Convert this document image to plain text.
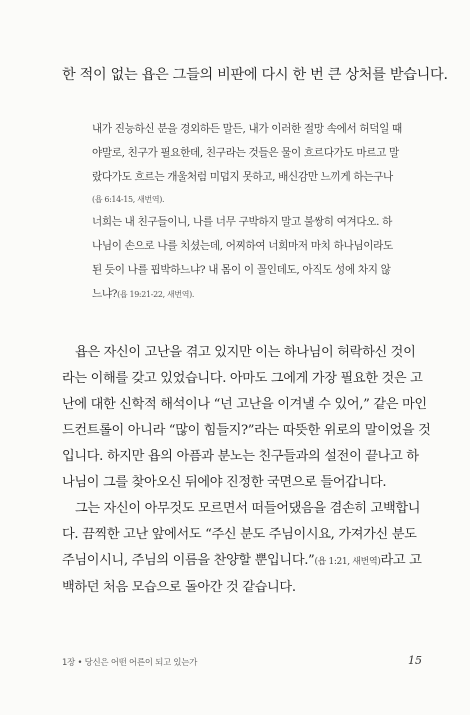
한 적이 없는 욥은 그들의 비판에 다시 한 번 큰 상처를 받습니다.

내가 진능하신 분을 경외하든 말든, 내가 이러한 절망 속에서 허덕일 때
야말로, 친구가 필요한데, 친구라는 것들은 물이 흐르다가도 마르고 말
랐다가도 흐르는 개울처럼 미덥지 못하고, 배신감만 느끼게 하는구나
(욥 6:14-15, 새번역).

너희는 내 친구들이니, 나를 너무 구박하지 말고 불쌍히 여겨다오. 하
나님이 손으로 나를 치셨는데, 어찌하여 너희마저 마치 하나님이라도
된 듯이 나를 핍박하느냐? 내 몸이 이 꼴인데도, 아직도 성에 차지 않
느냐?(욥 19:21-22, 새번역).

욥은 자신이 고난을 겪고 있지만 이는 하나님이 허락하신 것이
라는 이해를 갖고 있었습니다. 아마도 그에게 가장 필요한 것은 고
난에 대한 신학적 해석이나 “넌 고난을 이겨낼 수 있어,” 같은 마인
드컨트롤이 아니라 “많이 힘들지?”라는 따뜻한 위로의 말이었을 것
입니다. 하지만 욥의 아픔과 분노는 친구들과의 설전이 끝나고 하
나님이 그를 찾아오신 뒤에야 진정한 국면으로 들어갑니다.

그는 자신이 아무것도 모르면서 떠들어댔음을 겸손히 고백합니
다. 끔찍한 고난 앞에서도 “주신 분도 주님이시요, 가져가신 분도
주님이시니, 주님의 이름을 찬양할 뿐입니다.”(욥 1:21, 새번역)라고 고
백하던 처음 모습으로 돌아간 것 같습니다.

1장 • 당신은 어떤 어른이 되고 있는가	15
